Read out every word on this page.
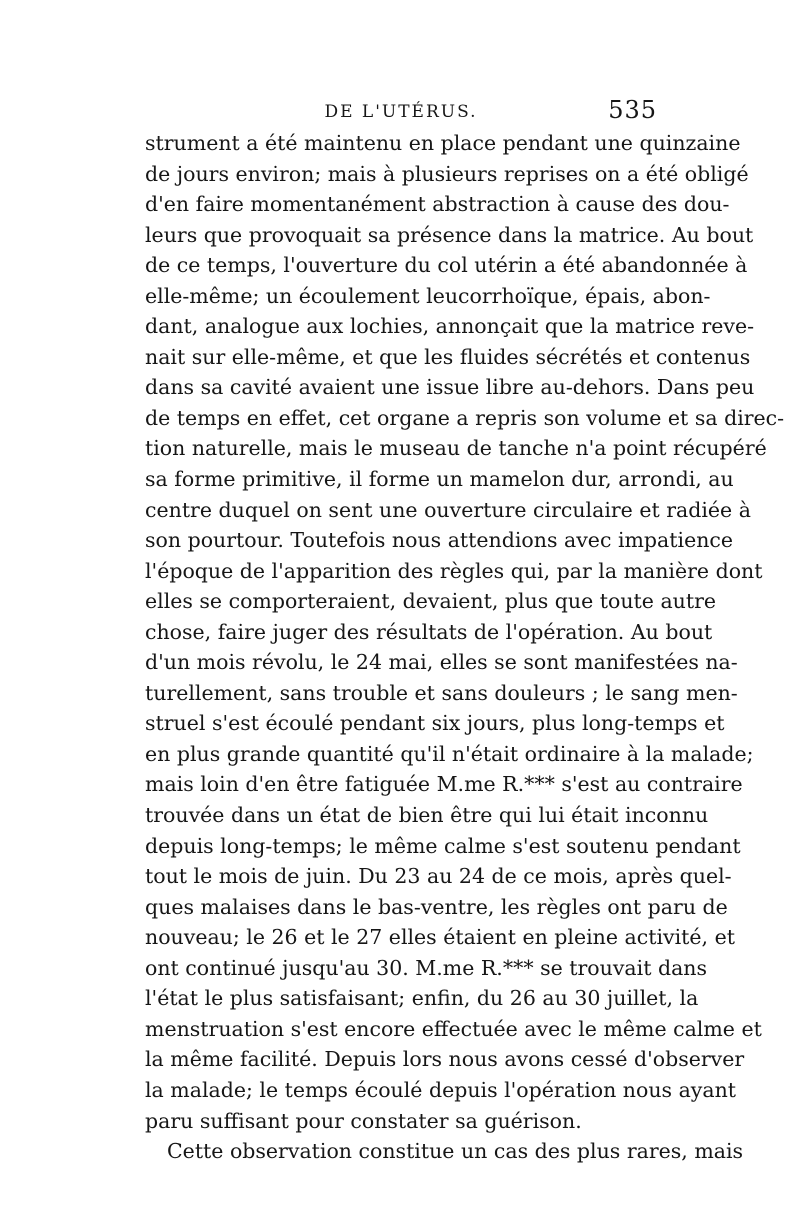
DE L'UTÉRUS.	535
strument a été maintenu en place pendant une quinzaine
de jours environ; mais à plusieurs reprises on a été obligé
d'en faire momentanément abstraction à cause des dou-
leurs que provoquait sa présence dans la matrice. Au bout
de ce temps, l'ouverture du col utérin a été abandonnée à
elle-même; un écoulement leucorrhoïque, épais, abon-
dant, analogue aux lochies, annonçait que la matrice reve-
nait sur elle-même, et que les fluides sécrétés et contenus
dans sa cavité avaient une issue libre au-dehors. Dans peu
de temps en effet, cet organe a repris son volume et sa direc-
tion naturelle, mais le museau de tanche n'a point récupéré
sa forme primitive, il forme un mamelon dur, arrondi, au
centre duquel on sent une ouverture circulaire et radiée à
son pourtour. Toutefois nous attendions avec impatience
l'époque de l'apparition des règles qui, par la manière dont
elles se comporteraient, devaient, plus que toute autre
chose, faire juger des résultats de l'opération. Au bout
d'un mois révolu, le 24 mai, elles se sont manifestées na-
turellement, sans trouble et sans douleurs ; le sang men-
struel s'est écoulé pendant six jours, plus long-temps et
en plus grande quantité qu'il n'était ordinaire à la malade;
mais loin d'en être fatiguée M.me R.*** s'est au contraire
trouvée dans un état de bien être qui lui était inconnu
depuis long-temps; le même calme s'est soutenu pendant
tout le mois de juin. Du 23 au 24 de ce mois, après quel-
ques malaises dans le bas-ventre, les règles ont paru de
nouveau; le 26 et le 27 elles étaient en pleine activité, et
ont continué jusqu'au 30. M.me R.*** se trouvait dans
l'état le plus satisfaisant; enfin, du 26 au 30 juillet, la
menstruation s'est encore effectuée avec le même calme et
la même facilité. Depuis lors nous avons cessé d'observer
la malade; le temps écoulé depuis l'opération nous ayant
paru suffisant pour constater sa guérison.
Cette observation constitue un cas des plus rares, mais
